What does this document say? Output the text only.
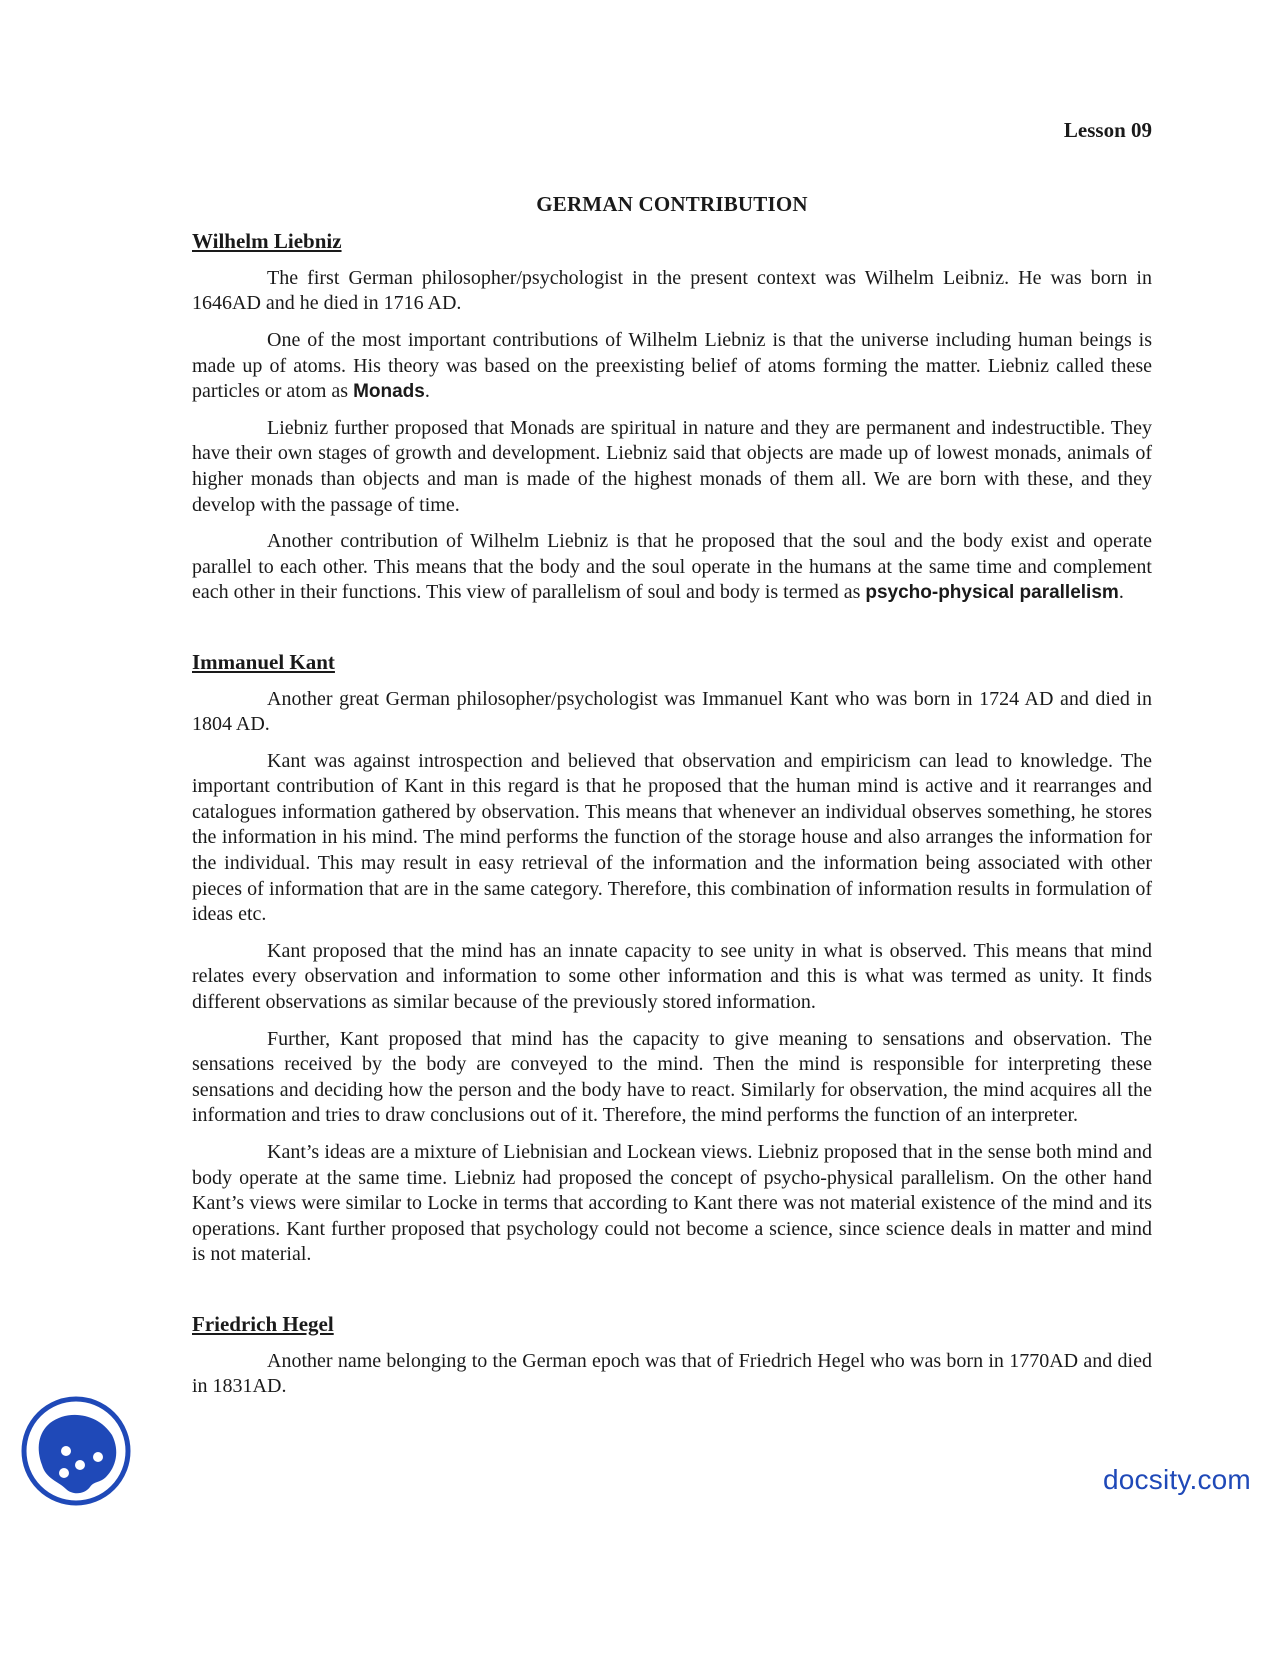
Lesson 09
GERMAN CONTRIBUTION
Wilhelm Liebniz

The first German philosopher/psychologist in the present context was Wilhelm Leibniz. He was born in 1646AD and he died in 1716 AD.

One of the most important contributions of Wilhelm Liebniz is that the universe including human beings is made up of atoms. His theory was based on the preexisting belief of atoms forming the matter. Liebniz called these particles or atom as Monads.

Liebniz further proposed that Monads are spiritual in nature and they are permanent and indestructible. They have their own stages of growth and development. Liebniz said that objects are made up of lowest monads, animals of higher monads than objects and man is made of the highest monads of them all. We are born with these, and they develop with the passage of time.

Another contribution of Wilhelm Liebniz is that he proposed that the soul and the body exist and operate parallel to each other. This means that the body and the soul operate in the humans at the same time and complement each other in their functions. This view of parallelism of soul and body is termed as psycho-physical parallelism.

Immanuel Kant

Another great German philosopher/psychologist was Immanuel Kant who was born in 1724 AD and died in 1804 AD.

Kant was against introspection and believed that observation and empiricism can lead to knowledge. The important contribution of Kant in this regard is that he proposed that the human mind is active and it rearranges and catalogues information gathered by observation. This means that whenever an individual observes something, he stores the information in his mind. The mind performs the function of the storage house and also arranges the information for the individual. This may result in easy retrieval of the information and the information being associated with other pieces of information that are in the same category. Therefore, this combination of information results in formulation of ideas etc.

Kant proposed that the mind has an innate capacity to see unity in what is observed. This means that mind relates every observation and information to some other information and this is what was termed as unity. It finds different observations as similar because of the previously stored information.

Further, Kant proposed that mind has the capacity to give meaning to sensations and observation. The sensations received by the body are conveyed to the mind. Then the mind is responsible for interpreting these sensations and deciding how the person and the body have to react. Similarly for observation, the mind acquires all the information and tries to draw conclusions out of it. Therefore, the mind performs the function of an interpreter.

Kant’s ideas are a mixture of Liebnisian and Lockean views. Liebniz proposed that in the sense both mind and body operate at the same time. Liebniz had proposed the concept of psycho-physical parallelism. On the other hand Kant’s views were similar to Locke in terms that according to Kant there was not material existence of the mind and its operations. Kant further proposed that psychology could not become a science, since science deals in matter and mind is not material.

Friedrich Hegel

Another name belonging to the German epoch was that of Friedrich Hegel who was born in 1770AD and died in 1831AD.

docsity.com
